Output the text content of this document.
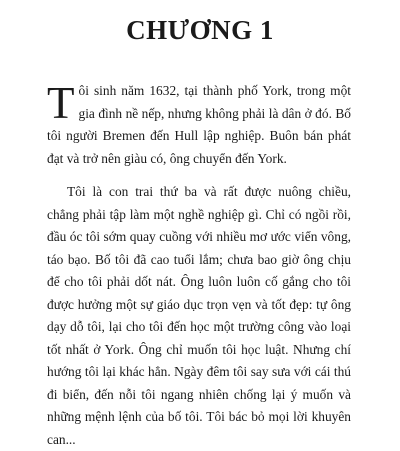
CHƯƠNG 1
Tôi sinh năm 1632, tại thành phố York, trong một gia đình nề nếp, nhưng không phải là dân ở đó. Bố tôi người Bremen đến Hull lập nghiệp. Buôn bán phát đạt và trở nên giàu có, ông chuyển đến York.
Tôi là con trai thứ ba và rất được nuông chiều, chẳng phải tập làm một nghề nghiệp gì. Chỉ có ngồi rồi, đầu óc tôi sớm quay cuồng với nhiều mơ ước viển vông, táo bạo. Bố tôi đã cao tuổi lắm; chưa bao giờ ông chịu để cho tôi phải dốt nát. Ông luôn luôn cố gắng cho tôi được hưởng một sự giáo dục trọn vẹn và tốt đẹp: tự ông dạy dỗ tôi, lại cho tôi đến học một trường công vào loại tốt nhất ở York. Ông chỉ muốn tôi học luật. Nhưng chí hướng tôi lại khác hẳn. Ngày đêm tôi say sưa với cái thú đi biển, đến nỗi tôi ngang nhiên chống lại ý muốn và những mệnh lệnh của bố tôi. Tôi bác bỏ mọi lời khuyên can...
